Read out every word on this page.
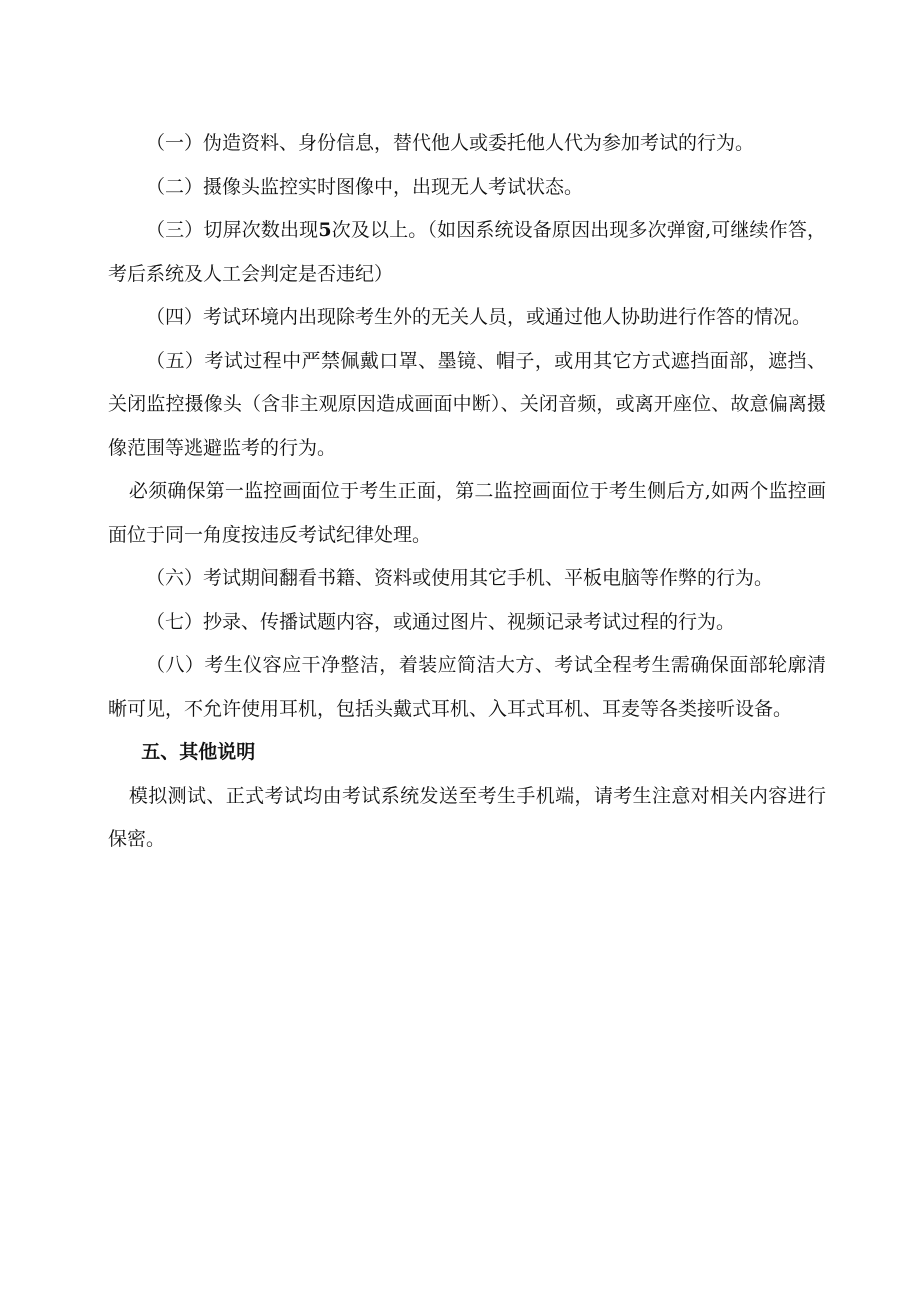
（一）伪造资料、身份信息，替代他人或委托他人代为参加考试的行为。

（二）摄像头监控实时图像中，出现无人考试状态。

（三）切屏次数出现5次及以上。（如因系统设备原因出现多次弹窗,可继续作答，考后系统及人工会判定是否违纪）

（四）考试环境内出现除考生外的无关人员，或通过他人协助进行作答的情况。

（五）考试过程中严禁佩戴口罩、墨镜、帽子，或用其它方式遮挡面部，遮挡、关闭监控摄像头（含非主观原因造成画面中断）、关闭音频，或离开座位、故意偏离摄像范围等逃避监考的行为。

必须确保第一监控画面位于考生正面，第二监控画面位于考生侧后方,如两个监控画面位于同一角度按违反考试纪律处理。

（六）考试期间翻看书籍、资料或使用其它手机、平板电脑等作弊的行为。

（七）抄录、传播试题内容，或通过图片、视频记录考试过程的行为。

（八）考生仪容应干净整洁，着装应简洁大方、考试全程考生需确保面部轮廓清晰可见，不允许使用耳机，包括头戴式耳机、入耳式耳机、耳麦等各类接听设备。

五、其他说明

模拟测试、正式考试均由考试系统发送至考生手机端，请考生注意对相关内容进行保密。
